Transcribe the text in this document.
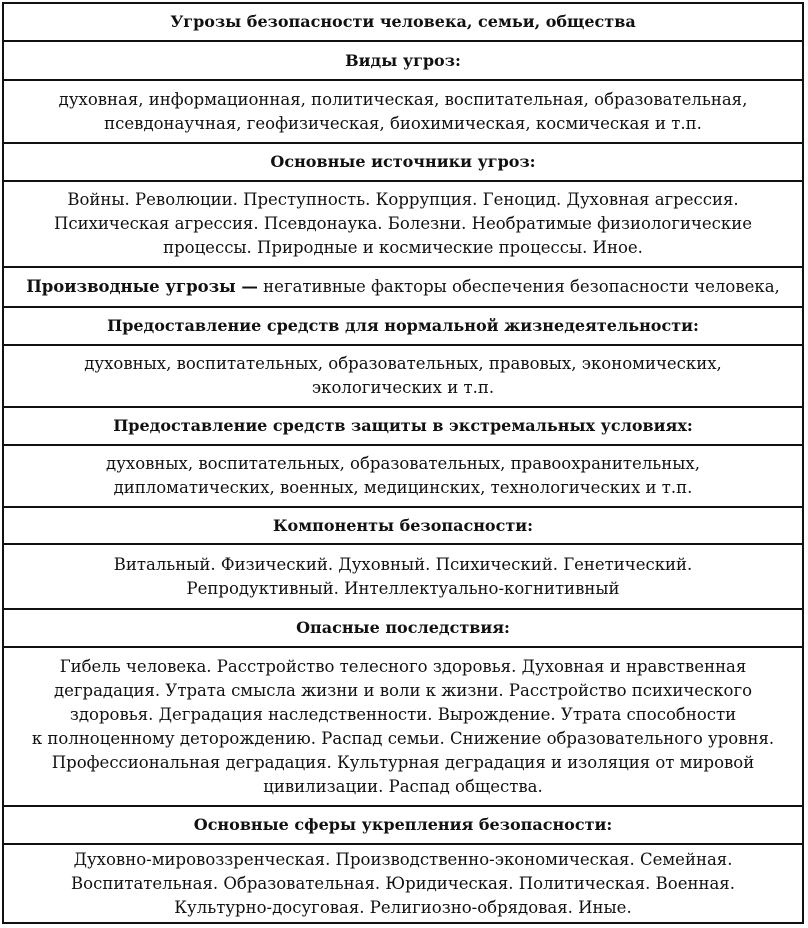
Угрозы безопасности человека, семьи, общества
Виды угроз:
духовная, информационная, политическая, воспитательная, образовательная,
псевдонаучная, геофизическая, биохимическая, космическая и т.п.
Основные источники угроз:
Войны. Революции. Преступность. Коррупция. Геноцид. Духовная агрессия.
Психическая агрессия. Псевдонаука. Болезни. Необратимые физиологические
процессы. Природные и космические процессы. Иное.
Производные угрозы — негативные факторы обеспечения безопасности человека,
Предоставление средств для нормальной жизнедеятельности:
духовных, воспитательных, образовательных, правовых, экономических,
экологических и т.п.
Предоставление средств защиты в экстремальных условиях:
духовных, воспитательных, образовательных, правоохранительных,
дипломатических, военных, медицинских, технологических и т.п.
Компоненты безопасности:
Витальный. Физический. Духовный. Психический. Генетический.
Репродуктивный. Интеллектуально-когнитивный
Опасные последствия:
Гибель человека. Расстройство телесного здоровья. Духовная и нравственная
деградация. Утрата смысла жизни и воли к жизни. Расстройство психического
здоровья. Деградация наследственности. Вырождение. Утрата способности
к полноценному деторождению. Распад семьи. Снижение образовательного уровня.
Профессиональная деградация. Культурная деградация и изоляция от мировой
цивилизации. Распад общества.
Основные сферы укрепления безопасности:
Духовно-мировоззренческая. Производственно-экономическая. Семейная.
Воспитательная. Образовательная. Юридическая. Политическая. Военная.
Культурно-досуговая. Религиозно-обрядовая. Иные.
